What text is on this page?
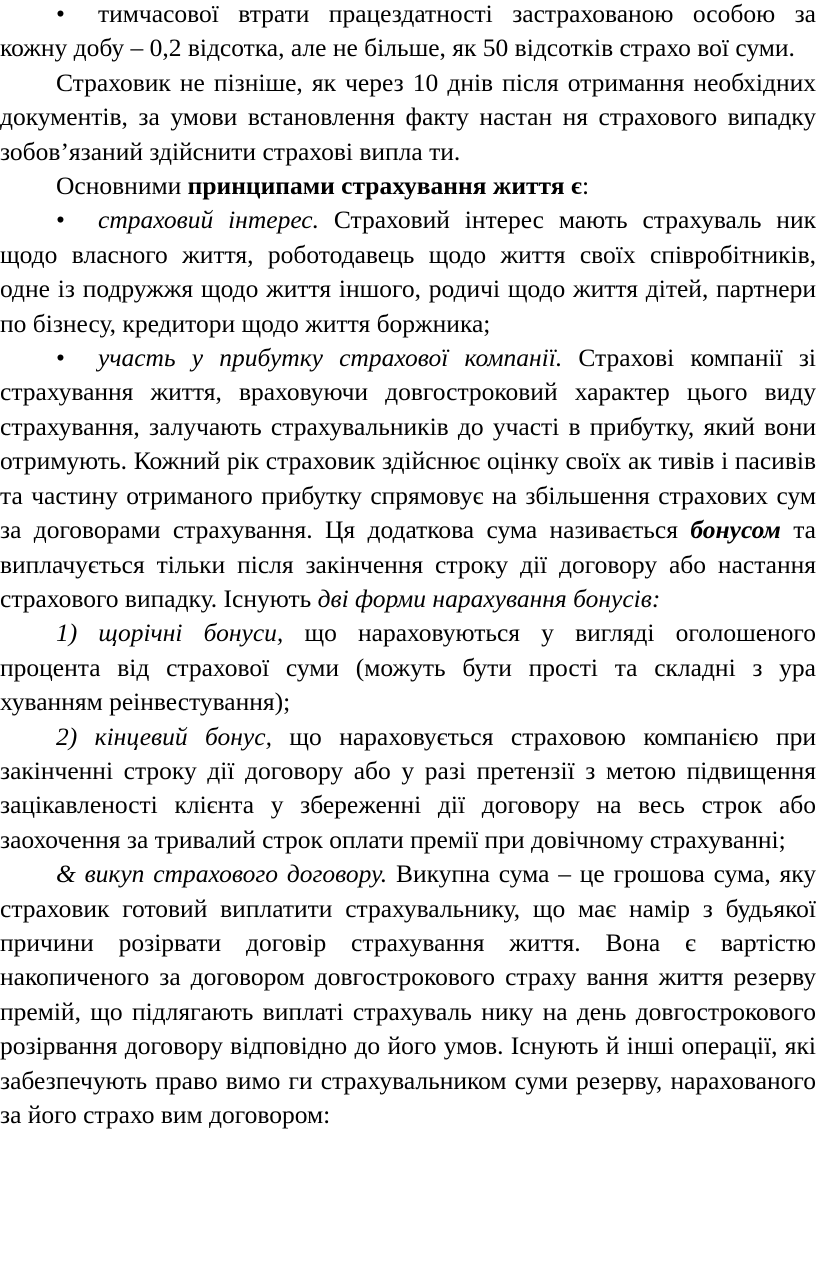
•	тимчасової втрати працездатності застрахованою особою за кожну добу – 0,2 відсотка, але не більше, як 50 відсотків страхо вої суми.

Страховик не пізніше, як через 10 днів після отримання необхідних документів, за умови встановлення факту настан ня страхового випадку зобов’язаний здійснити страхові випла ти.

Основними принципами страхування життя є:

•	страховий інтерес. Страховий інтерес мають страхуваль ник щодо власного життя, роботодавець щодо життя своїх співробітників, одне із подружжя щодо життя іншого, родичі щодо життя дітей, партнери по бізнесу, кредитори щодо життя боржника;

•	участь у прибутку страхової компанії. Страхові компанії зі страхування життя, враховуючи довгостроковий характер цього виду страхування, залучають страхувальників до участі в прибутку, який вони отримують. Кожний рік страховик здійснює оцінку своїх ак тивів і пасивів та частину отриманого прибутку спрямовує на збільшення страхових сум за договорами страхування. Ця додаткова сума називається бонусом та виплачується тільки після закінчення строку дії договору або настання страхового випадку. Існують дві форми нарахування бонусів:

1) щорічні бонуси, що нараховуються у вигляді оголошеного процента від страхової суми (можуть бути прості та складні з ура хуванням реінвестування);

2) кінцевий бонус, що нараховується страховою компанією при закінченні строку дії договору або у разі претензії з метою підвищення зацікавленості клієнта у збереженні дії договору на весь строк або заохочення за тривалий строк оплати премії при довічному страхуванні;

& викуп страхового договору. Викупна сума – це грошова сума, яку страховик готовий виплатити страхувальнику, що має намір з будьякої причини розірвати договір страхування життя. Вона є вартістю накопиченого за договором довгострокового страху вання життя резерву премій, що підлягають виплаті страхуваль нику на день довгострокового розірвання договору відповідно до його умов. Існують й інші операції, які забезпечують право вимо ги страхувальником суми резерву, нарахованого за його страхо вим договором:
